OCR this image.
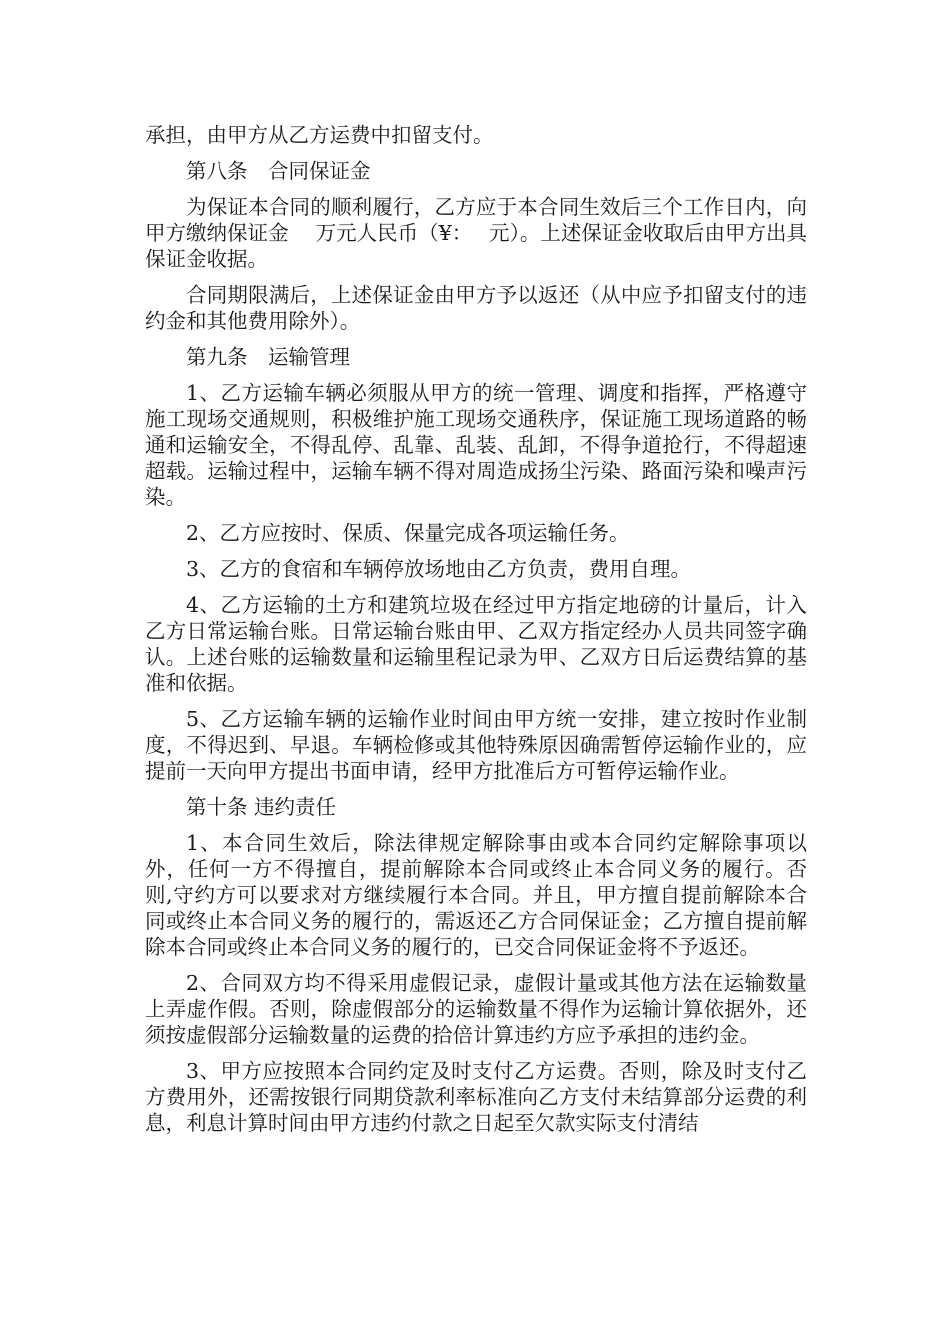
承担，由甲方从乙方运费中扣留支付。

第八条　合同保证金

为保证本合同的顺利履行，乙方应于本合同生效后三个工作日内，向甲方缴纳保证金　 万元人民币（¥：　 元）。上述保证金收取后由甲方出具保证金收据。

合同期限满后，上述保证金由甲方予以返还（从中应予扣留支付的违约金和其他费用除外）。

第九条　运输管理

1、乙方运输车辆必须服从甲方的统一管理、调度和指挥，严格遵守施工现场交通规则，积极维护施工现场交通秩序，保证施工现场道路的畅通和运输安全，不得乱停、乱靠、乱装、乱卸，不得争道抢行，不得超速超载。运输过程中，运输车辆不得对周造成扬尘污染、路面污染和噪声污染。

2、乙方应按时、保质、保量完成各项运输任务。

3、乙方的食宿和车辆停放场地由乙方负责，费用自理。

4、乙方运输的土方和建筑垃圾在经过甲方指定地磅的计量后，计入乙方日常运输台账。日常运输台账由甲、乙双方指定经办人员共同签字确认。上述台账的运输数量和运输里程记录为甲、乙双方日后运费结算的基准和依据。

5、乙方运输车辆的运输作业时间由甲方统一安排，建立按时作业制度，不得迟到、早退。车辆检修或其他特殊原因确需暂停运输作业的，应提前一天向甲方提出书面申请，经甲方批准后方可暂停运输作业。

第十条 违约责任

1、本合同生效后，除法律规定解除事由或本合同约定解除事项以外，任何一方不得擅自，提前解除本合同或终止本合同义务的履行。否则,守约方可以要求对方继续履行本合同。并且，甲方擅自提前解除本合同或终止本合同义务的履行的，需返还乙方合同保证金；乙方擅自提前解除本合同或终止本合同义务的履行的，已交合同保证金将不予返还。

2、合同双方均不得采用虚假记录，虚假计量或其他方法在运输数量上弄虚作假。否则，除虚假部分的运输数量不得作为运输计算依据外，还须按虚假部分运输数量的运费的拾倍计算违约方应予承担的违约金。

3、甲方应按照本合同约定及时支付乙方运费。否则，除及时支付乙方费用外，还需按银行同期贷款利率标准向乙方支付未结算部分运费的利息，利息计算时间由甲方违约付款之日起至欠款实际支付清结
